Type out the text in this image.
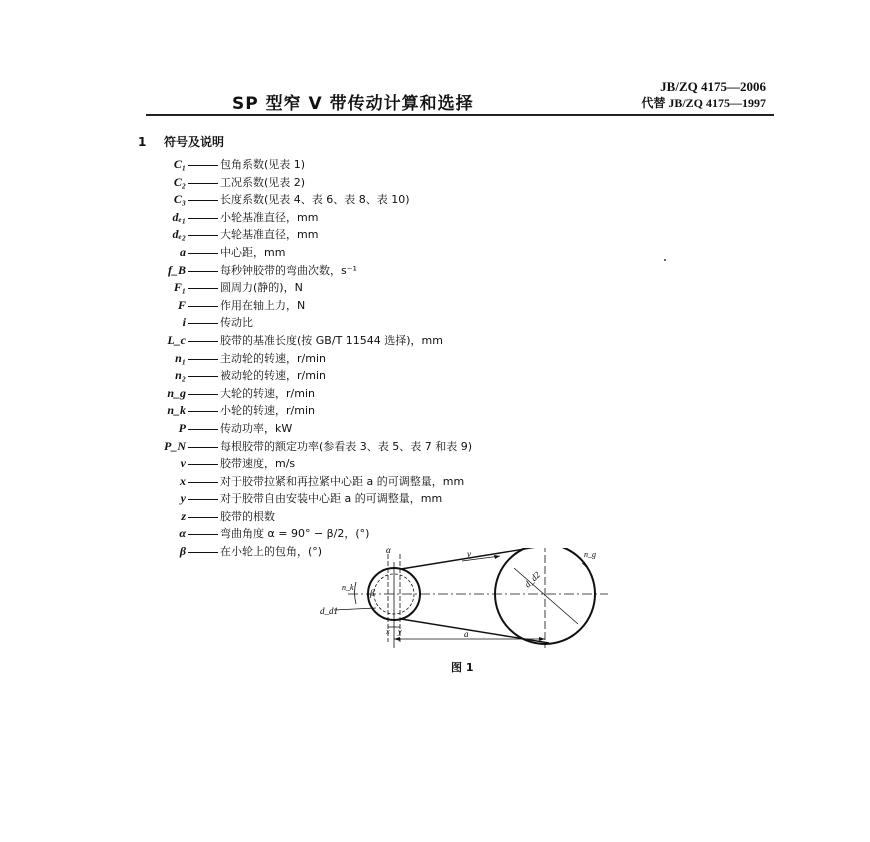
JB/ZQ 4175—2006
代替 JB/ZQ 4175—1997
SP 型窄 V 带传动计算和选择
1 符号及说明
C₁	包角系数(见表 1)
C₂	工况系数(见表 2)
C₃	长度系数(见表 4、表 6、表 8、表 10)
dₑ₁	小轮基准直径，mm
dₑ₂	大轮基准直径，mm
a	中心距，mm
f_B	每秒钟胶带的弯曲次数，s⁻¹
F₁	圆周力(静的)，N
F	作用在轴上力，N
i	传动比
L_c	胶带的基准长度(按 GB/T 11544 选择)，mm
n₁	主动轮的转速，r/min
n₂	被动轮的转速，r/min
n_g	大轮的转速，r/min
n_k	小轮的转速，r/min
P	传动功率，kW
P_N	每根胶带的额定功率(参看表 3、表 5、表 7 和表 9)
v	胶带速度，m/s
x	对于胶带拉紧和再拉紧中心距 a 的可调整量，mm
y	对于胶带自由安装中心距 a 的可调整量，mm
z	胶带的根数
α	弯曲角度 α = 90° − β/2，(°)
β	在小轮上的包角，(°)	α
β
v	n_g
n_k	d_d2
d_d1
x y	a
图 1
